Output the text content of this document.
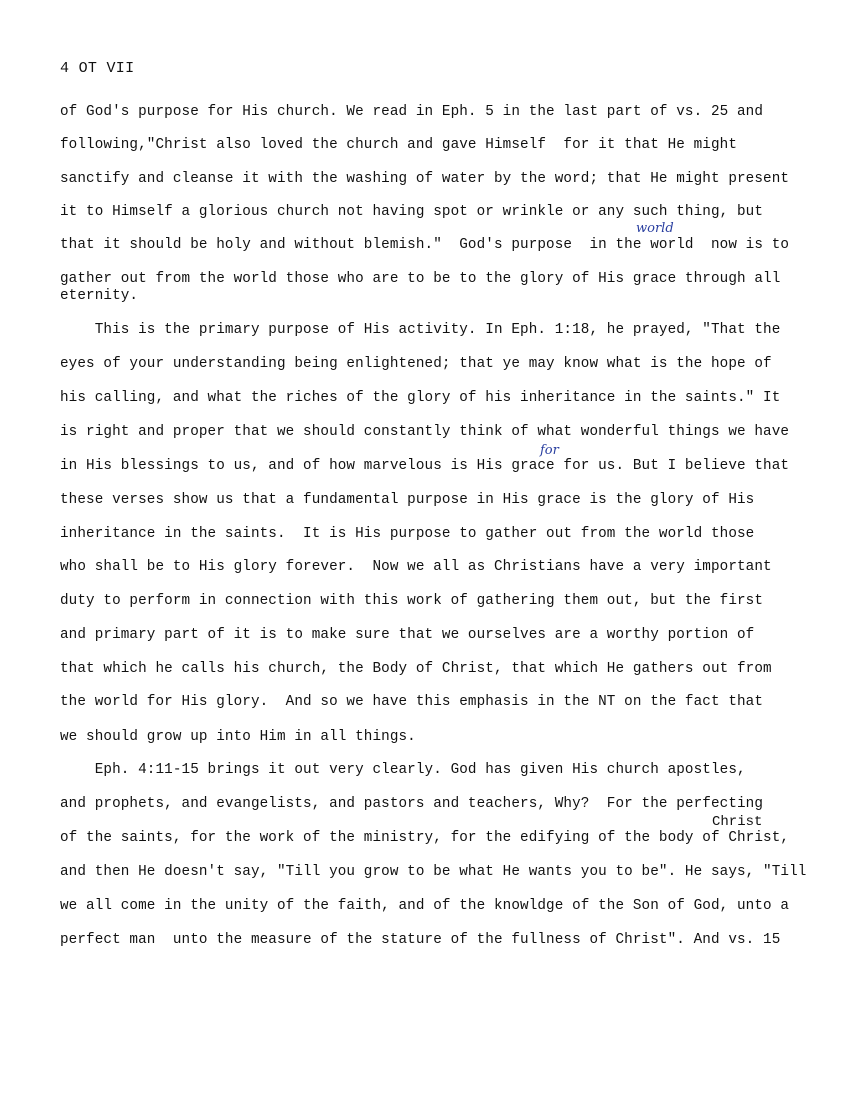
4 OT VII
of God's purpose for His church. We read in Eph. 5 in the last part of vs. 25 and
following,"Christ also loved the church and gave Himself  for it that He might
sanctify and cleanse it with the washing of water by the word; that He might present
it to Himself a glorious church not having spot or wrinkle or any such thing, but
that it should be holy and without blemish."  God's purpose  in the world  now is to
gather out from the world those who are to be to the glory of His grace through all
eternity.
This is the primary purpose of His activity. In Eph. 1:18, he prayed, "That the
eyes of your understanding being enlightened; that ye may know what is the hope of
his calling, and what the riches of the glory of his inheritance in the saints." It
is right and proper that we should constantly think of what wonderful things we have
in His blessings to us, and of how marvelous is His grace for us. But I believe that
these verses show us that a fundamental purpose in His grace is the glory of His
inheritance in the saints.  It is His purpose to gather out from the world those
who shall be to His glory forever.  Now we all as Christians have a very important
duty to perform in connection with this work of gathering them out, but the first
and primary part of it is to make sure that we ourselves are a worthy portion of
that which he calls his church, the Body of Christ, that which He gathers out from
the world for His glory.  And so we have this emphasis in the NT on the fact that
we should grow up into Him in all things.
Eph. 4:11-15 brings it out very clearly. God has given His church apostles,
and prophets, and evangelists, and pastors and teachers, Why?  For the perfecting
of the saints, for the work of the ministry, for the edifying of the body of Christ,
and then He doesn't say, "Till you grow to be what He wants you to be". He says, "Till
we all come in the unity of the faith, and of the knowldge of the Son of God, unto a
perfect man  unto the measure of the stature of the fullness of Christ". And vs. 15
world
for
Christ
